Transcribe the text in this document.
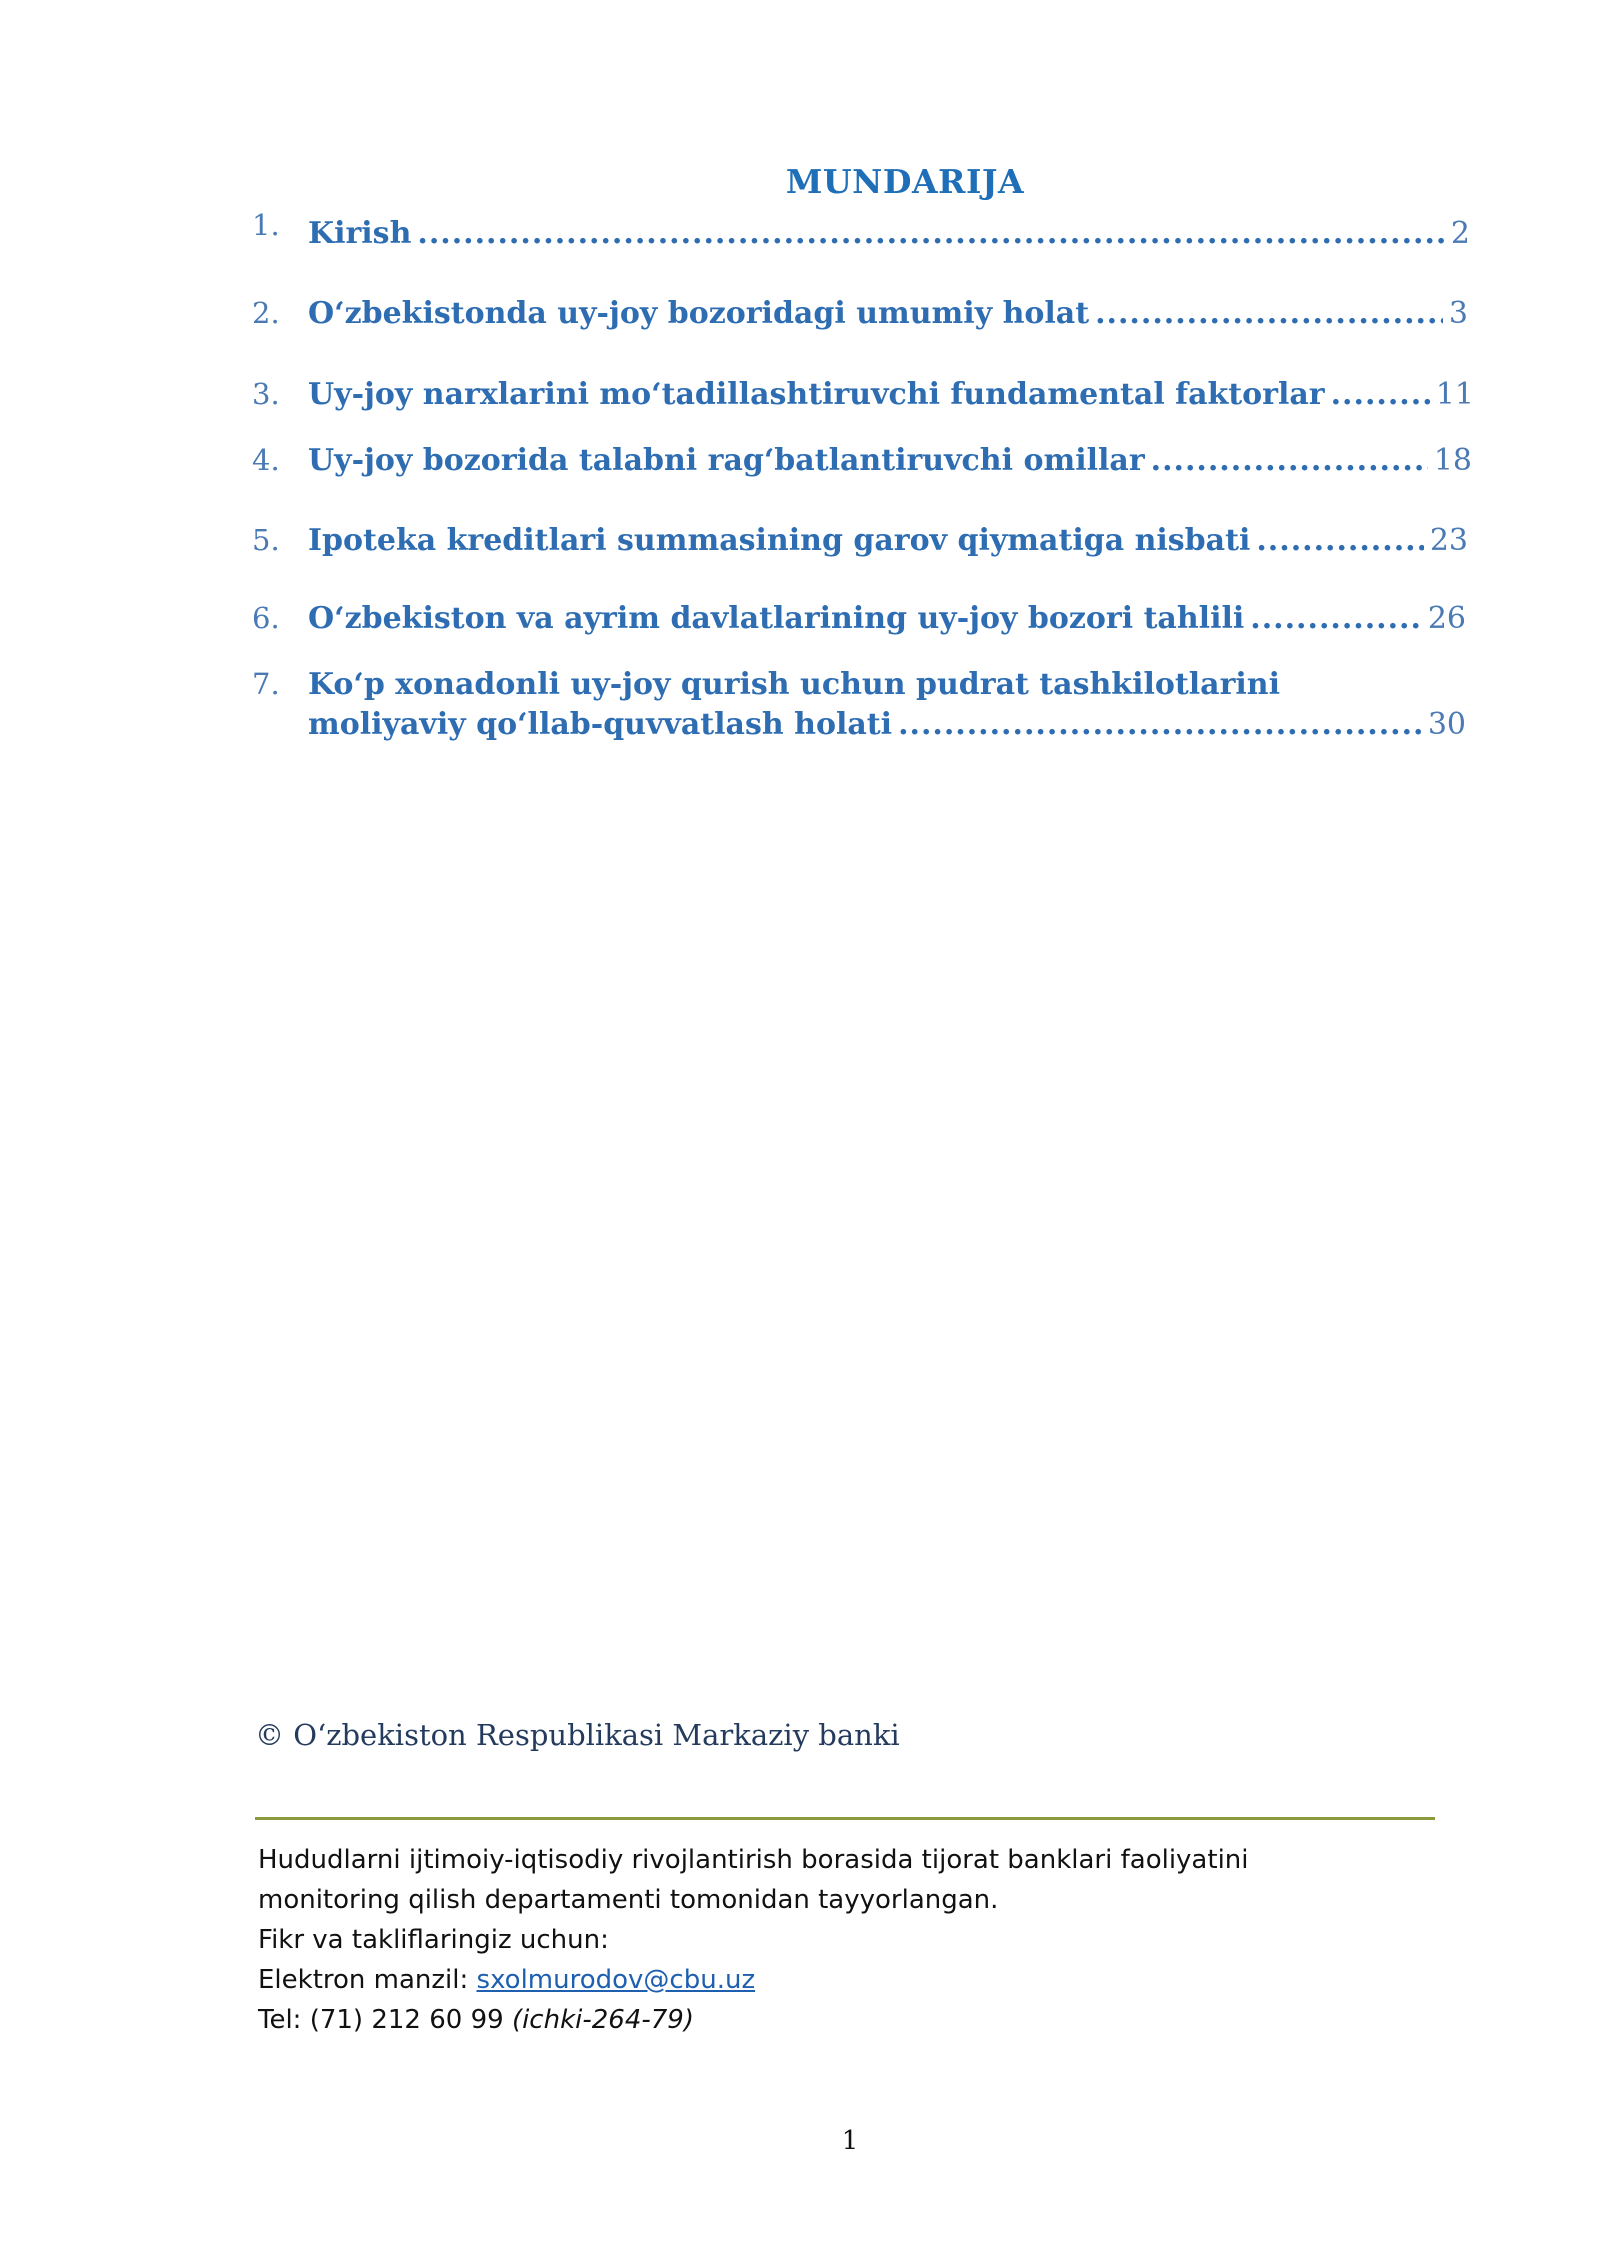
MUNDARIJA
1. Kirish .....	2
2. O‘zbekistonda uy-joy bozoridagi umumiy holat .....	3
3. Uy-joy narxlarini mo‘tadillashtiruvchi fundamental faktorlar .....	11
4. Uy-joy bozorida talabni rag‘batlantiruvchi omillar .....	18
5. Ipoteka kreditlari summasining garov qiymatiga nisbati .....	23
6. O‘zbekiston va ayrim davlatlarining uy-joy bozori tahlili .....	26
7. Ko‘p xonadonli uy-joy qurish uchun pudrat tashkilotlarini
moliyaviy qo‘llab-quvvatlash holati .....	30
© O‘zbekiston Respublikasi Markaziy banki
Hududlarni ijtimoiy-iqtisodiy rivojlantirish borasida tijorat banklari faoliyatini
monitoring qilish departamenti tomonidan tayyorlangan.
Fikr va takliflaringiz uchun:
Elektron manzil: sxolmurodov@cbu.uz
Tel: (71) 212 60 99 (ichki-264-79)
1
